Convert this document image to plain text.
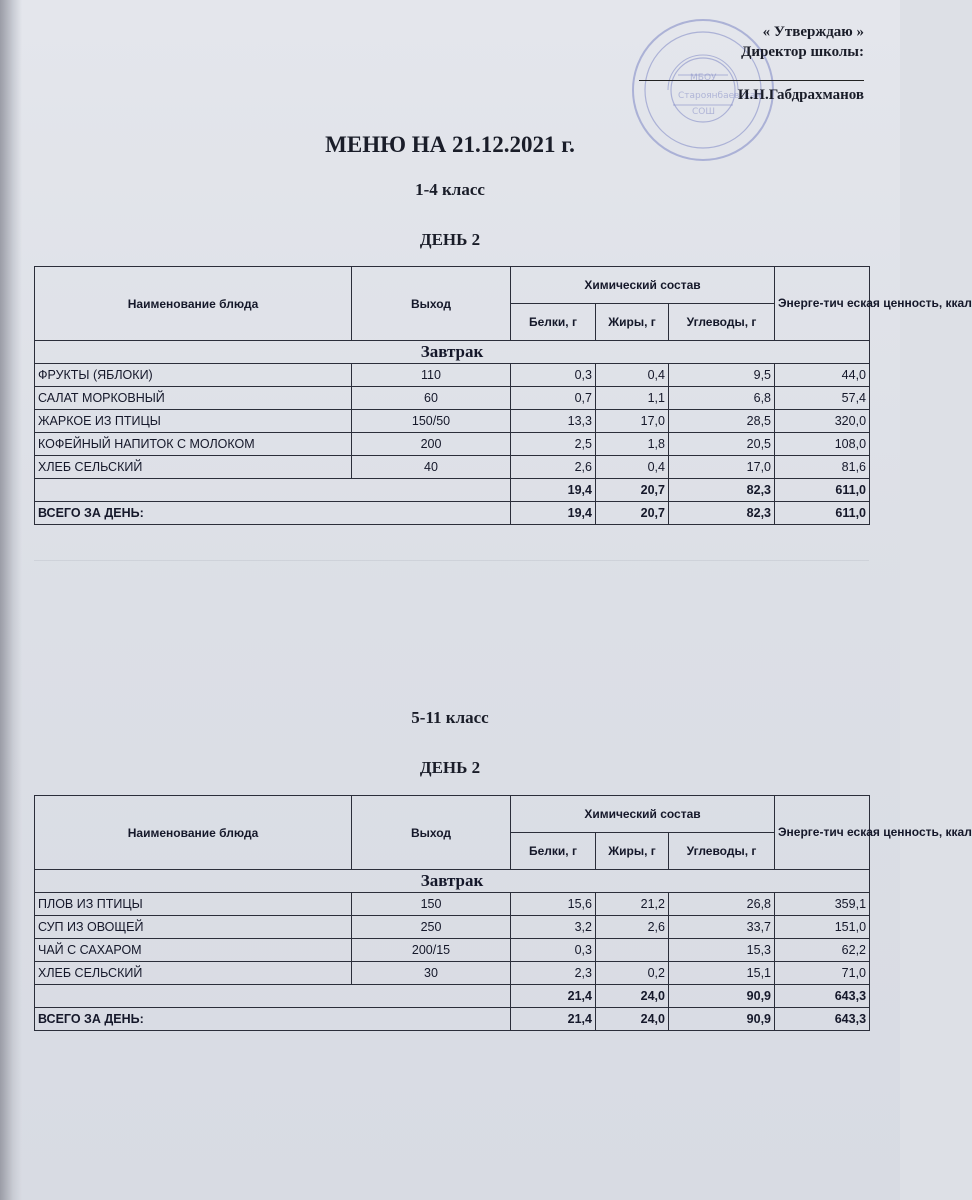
МБОУ
Староянбаевская
СОШ
« Утверждаю »
Директор школы:
И.Н.Габдрахманов
МЕНЮ НА 21.12.2021 г.
1-4 класс
ДЕНЬ 2
Наименование блюда	Выход	Химический состав			Энерге-тич еская ценность, ккал
		Белки, г	Жиры, г	Углеводы, г	
Завтрак					
ФРУКТЫ (ЯБЛОКИ)	110	0,3	0,4	9,5	44,0
САЛАТ МОРКОВНЫЙ	60	0,7	1,1	6,8	57,4
ЖАРКОЕ ИЗ ПТИЦЫ	150/50	13,3	17,0	28,5	320,0
КОФЕЙНЫЙ НАПИТОК С МОЛОКОМ	200	2,5	1,8	20,5	108,0
ХЛЕБ СЕЛЬСКИЙ	40	2,6	0,4	17,0	81,6
		19,4	20,7	82,3	611,0
ВСЕГО ЗА ДЕНЬ:		19,4	20,7	82,3	611,0
5-11 класс
ДЕНЬ 2
Наименование блюда	Выход	Химический состав			Энерге-тич еская ценность, ккал
		Белки, г	Жиры, г	Углеводы, г	
Завтрак					
ПЛОВ ИЗ ПТИЦЫ	150	15,6	21,2	26,8	359,1
СУП ИЗ ОВОЩЕЙ	250	3,2	2,6	33,7	151,0
ЧАЙ С САХАРОМ	200/15	0,3		15,3	62,2
ХЛЕБ СЕЛЬСКИЙ	30	2,3	0,2	15,1	71,0
		21,4	24,0	90,9	643,3
ВСЕГО ЗА ДЕНЬ:		21,4	24,0	90,9	643,3
